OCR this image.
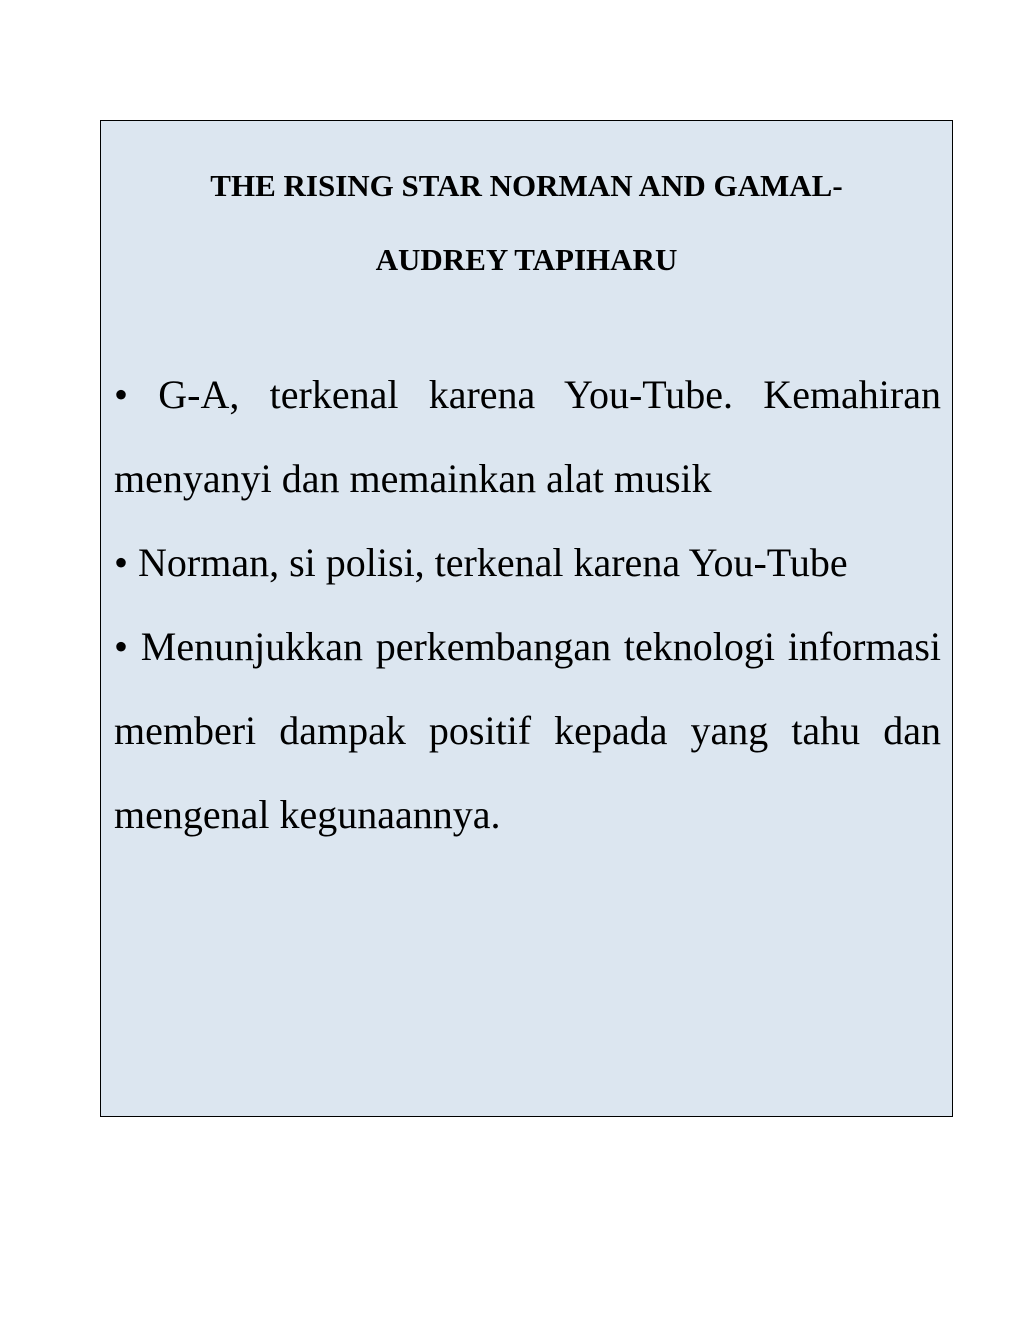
THE RISING STAR NORMAN AND GAMAL-
AUDREY TAPIHARU

• G-A, terkenal karena You-Tube. Kemahiran menyanyi dan memainkan alat musik

• Norman, si polisi, terkenal karena You-Tube

• Menunjukkan perkembangan teknologi informasi memberi dampak positif kepada yang tahu dan mengenal kegunaannya.
